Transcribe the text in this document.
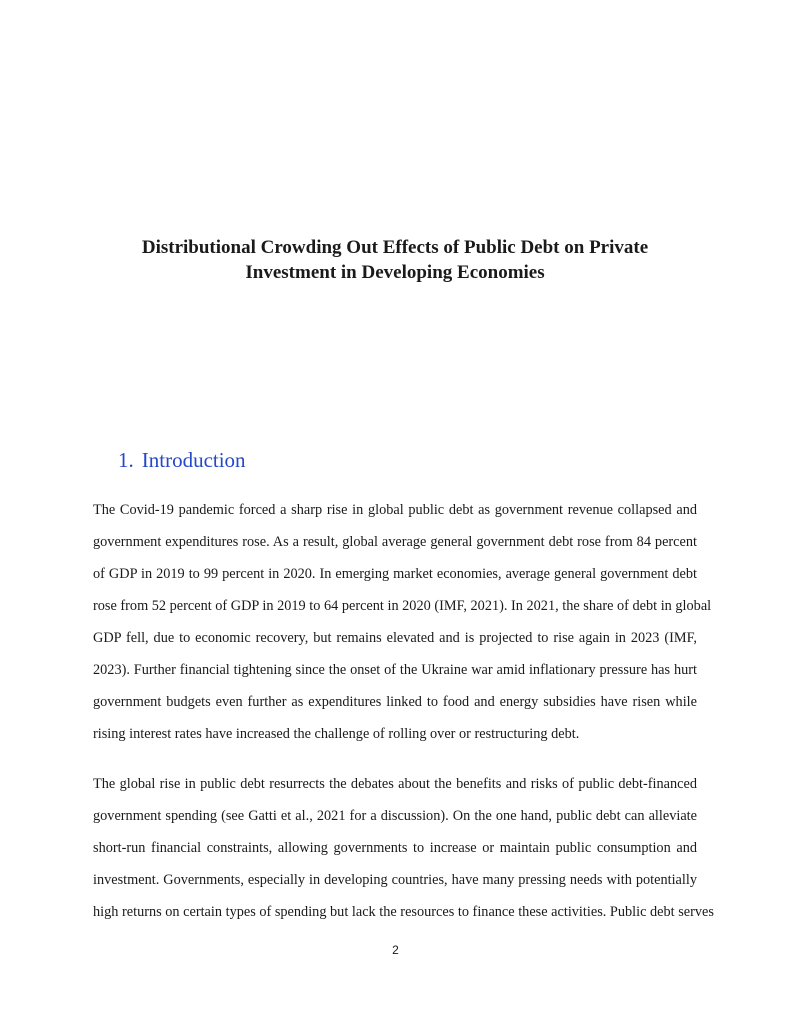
Distributional Crowding Out Effects of Public Debt on Private
Investment in Developing Economies
1. Introduction
The Covid-19 pandemic forced a sharp rise in global public debt as government revenue collapsed and
government expenditures rose. As a result, global average general government debt rose from 84 percent
of GDP in 2019 to 99 percent in 2020. In emerging market economies, average general government debt
rose from 52 percent of GDP in 2019 to 64 percent in 2020 (IMF, 2021). In 2021, the share of debt in global
GDP fell, due to economic recovery, but remains elevated and is projected to rise again in 2023 (IMF,
2023). Further financial tightening since the onset of the Ukraine war amid inflationary pressure has hurt
government budgets even further as expenditures linked to food and energy subsidies have risen while
rising interest rates have increased the challenge of rolling over or restructuring debt.
The global rise in public debt resurrects the debates about the benefits and risks of public debt-financed
government spending (see Gatti et al., 2021 for a discussion). On the one hand, public debt can alleviate
short-run financial constraints, allowing governments to increase or maintain public consumption and
investment. Governments, especially in developing countries, have many pressing needs with potentially
high returns on certain types of spending but lack the resources to finance these activities. Public debt serves
2
